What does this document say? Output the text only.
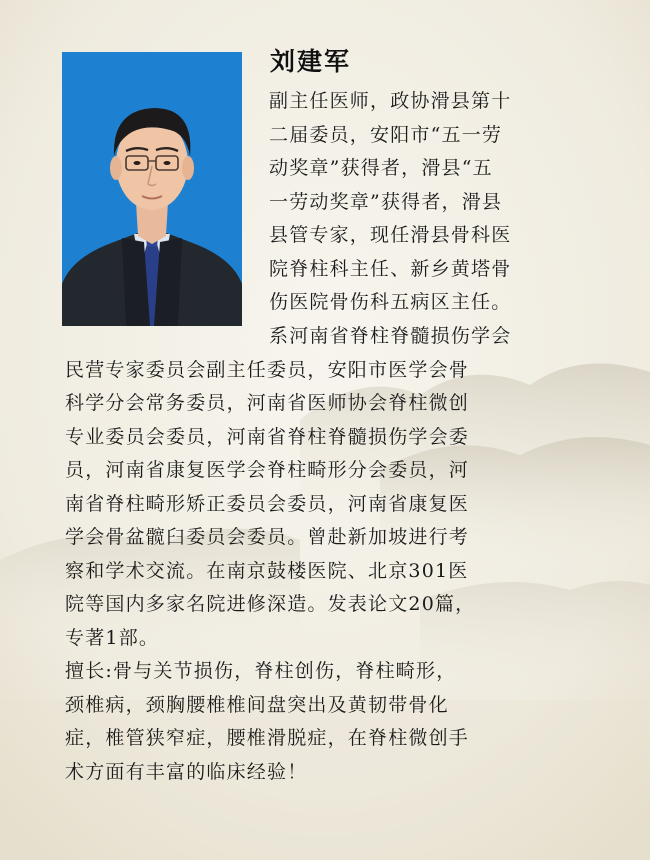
刘建军
副主任医师，政协滑县第十
二届委员，安阳市“五一劳
动奖章”获得者，滑县“五
一劳动奖章”获得者，滑县
县管专家，现任滑县骨科医
院脊柱科主任、新乡黄塔骨
伤医院骨伤科五病区主任。
系河南省脊柱脊髓损伤学会
民营专家委员会副主任委员，安阳市医学会骨
科学分会常务委员，河南省医师协会脊柱微创
专业委员会委员，河南省脊柱脊髓损伤学会委
员，河南省康复医学会脊柱畸形分会委员，河
南省脊柱畸形矫正委员会委员，河南省康复医
学会骨盆髋臼委员会委员。曾赴新加坡进行考
察和学术交流。在南京鼓楼医院、北京301医
院等国内多家名院进修深造。发表论文20篇，
专著1部。
擅长:骨与关节损伤，脊柱创伤，脊柱畸形，
颈椎病，颈胸腰椎椎间盘突出及黄韧带骨化
症，椎管狭窄症，腰椎滑脱症，在脊柱微创手
术方面有丰富的临床经验！
